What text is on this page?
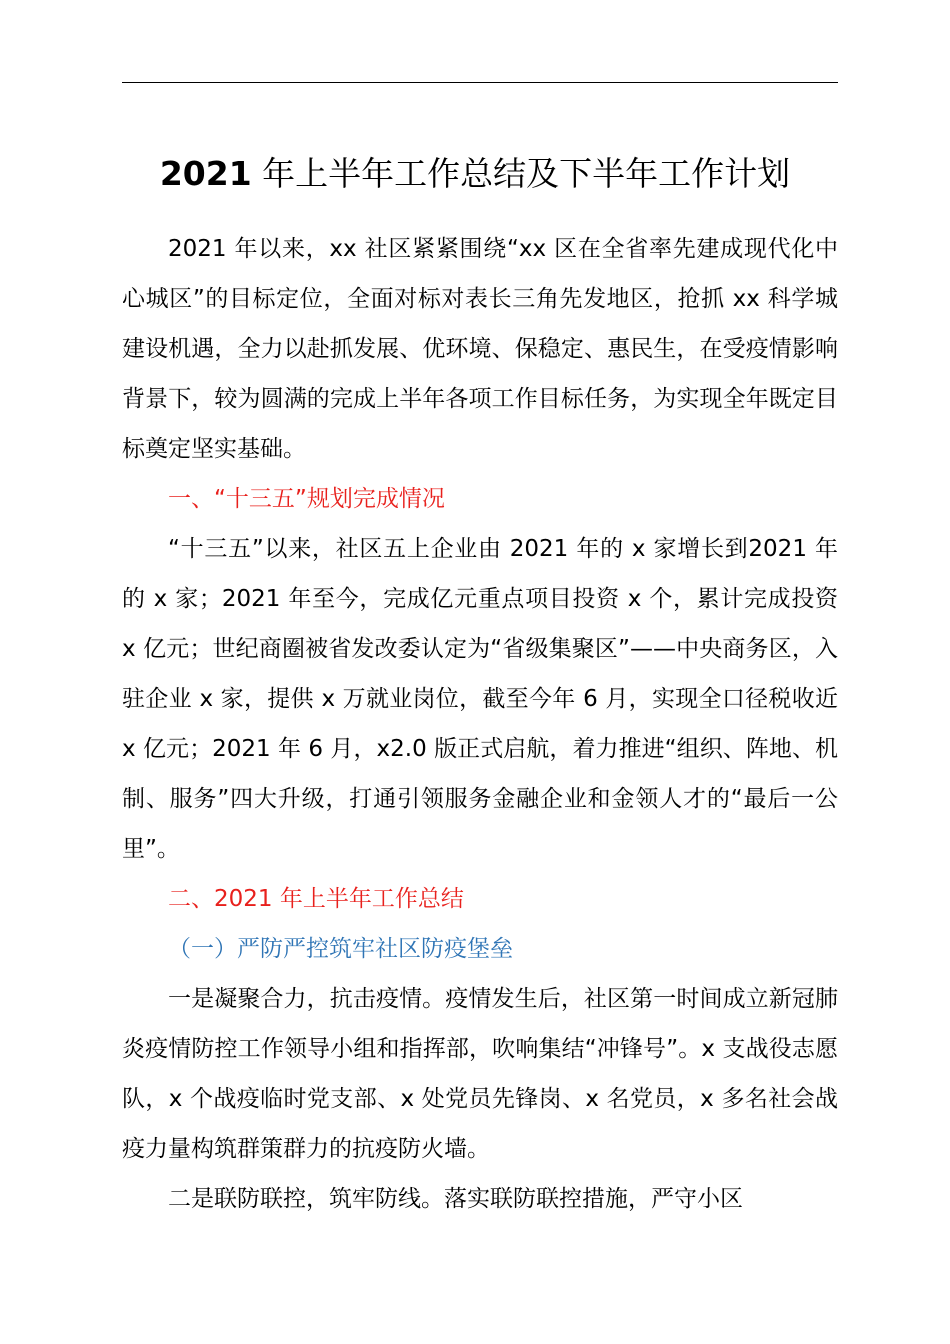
2021 年上半年工作总结及下半年工作计划

2021 年以来，xx 社区紧紧围绕“xx 区在全省率先建成现代化中心城区”的目标定位，全面对标对表长三角先发地区，抢抓 xx 科学城建设机遇，全力以赴抓发展、优环境、保稳定、惠民生，在受疫情影响背景下，较为圆满的完成上半年各项工作目标任务，为实现全年既定目标奠定坚实基础。

一、“十三五”规划完成情况

“十三五”以来，社区五上企业由 2021 年的 x 家增长到2021 年的 x 家；2021 年至今，完成亿元重点项目投资 x 个，累计完成投资 x 亿元；世纪商圈被省发改委认定为“省级集聚区”——中央商务区，入驻企业 x 家，提供 x 万就业岗位，截至今年 6 月，实现全口径税收近 x 亿元；2021 年 6 月，x2.0 版正式启航，着力推进“组织、阵地、机制、服务”四大升级，打通引领服务金融企业和金领人才的“最后一公里”。

二、2021 年上半年工作总结

（一）严防严控筑牢社区防疫堡垒

一是凝聚合力，抗击疫情。疫情发生后，社区第一时间成立新冠肺炎疫情防控工作领导小组和指挥部，吹响集结“冲锋号”。x 支战役志愿队，x 个战疫临时党支部、x 处党员先锋岗、x 名党员，x 多名社会战疫力量构筑群策群力的抗疫防火墙。

二是联防联控，筑牢防线。落实联防联控措施，严守小区
